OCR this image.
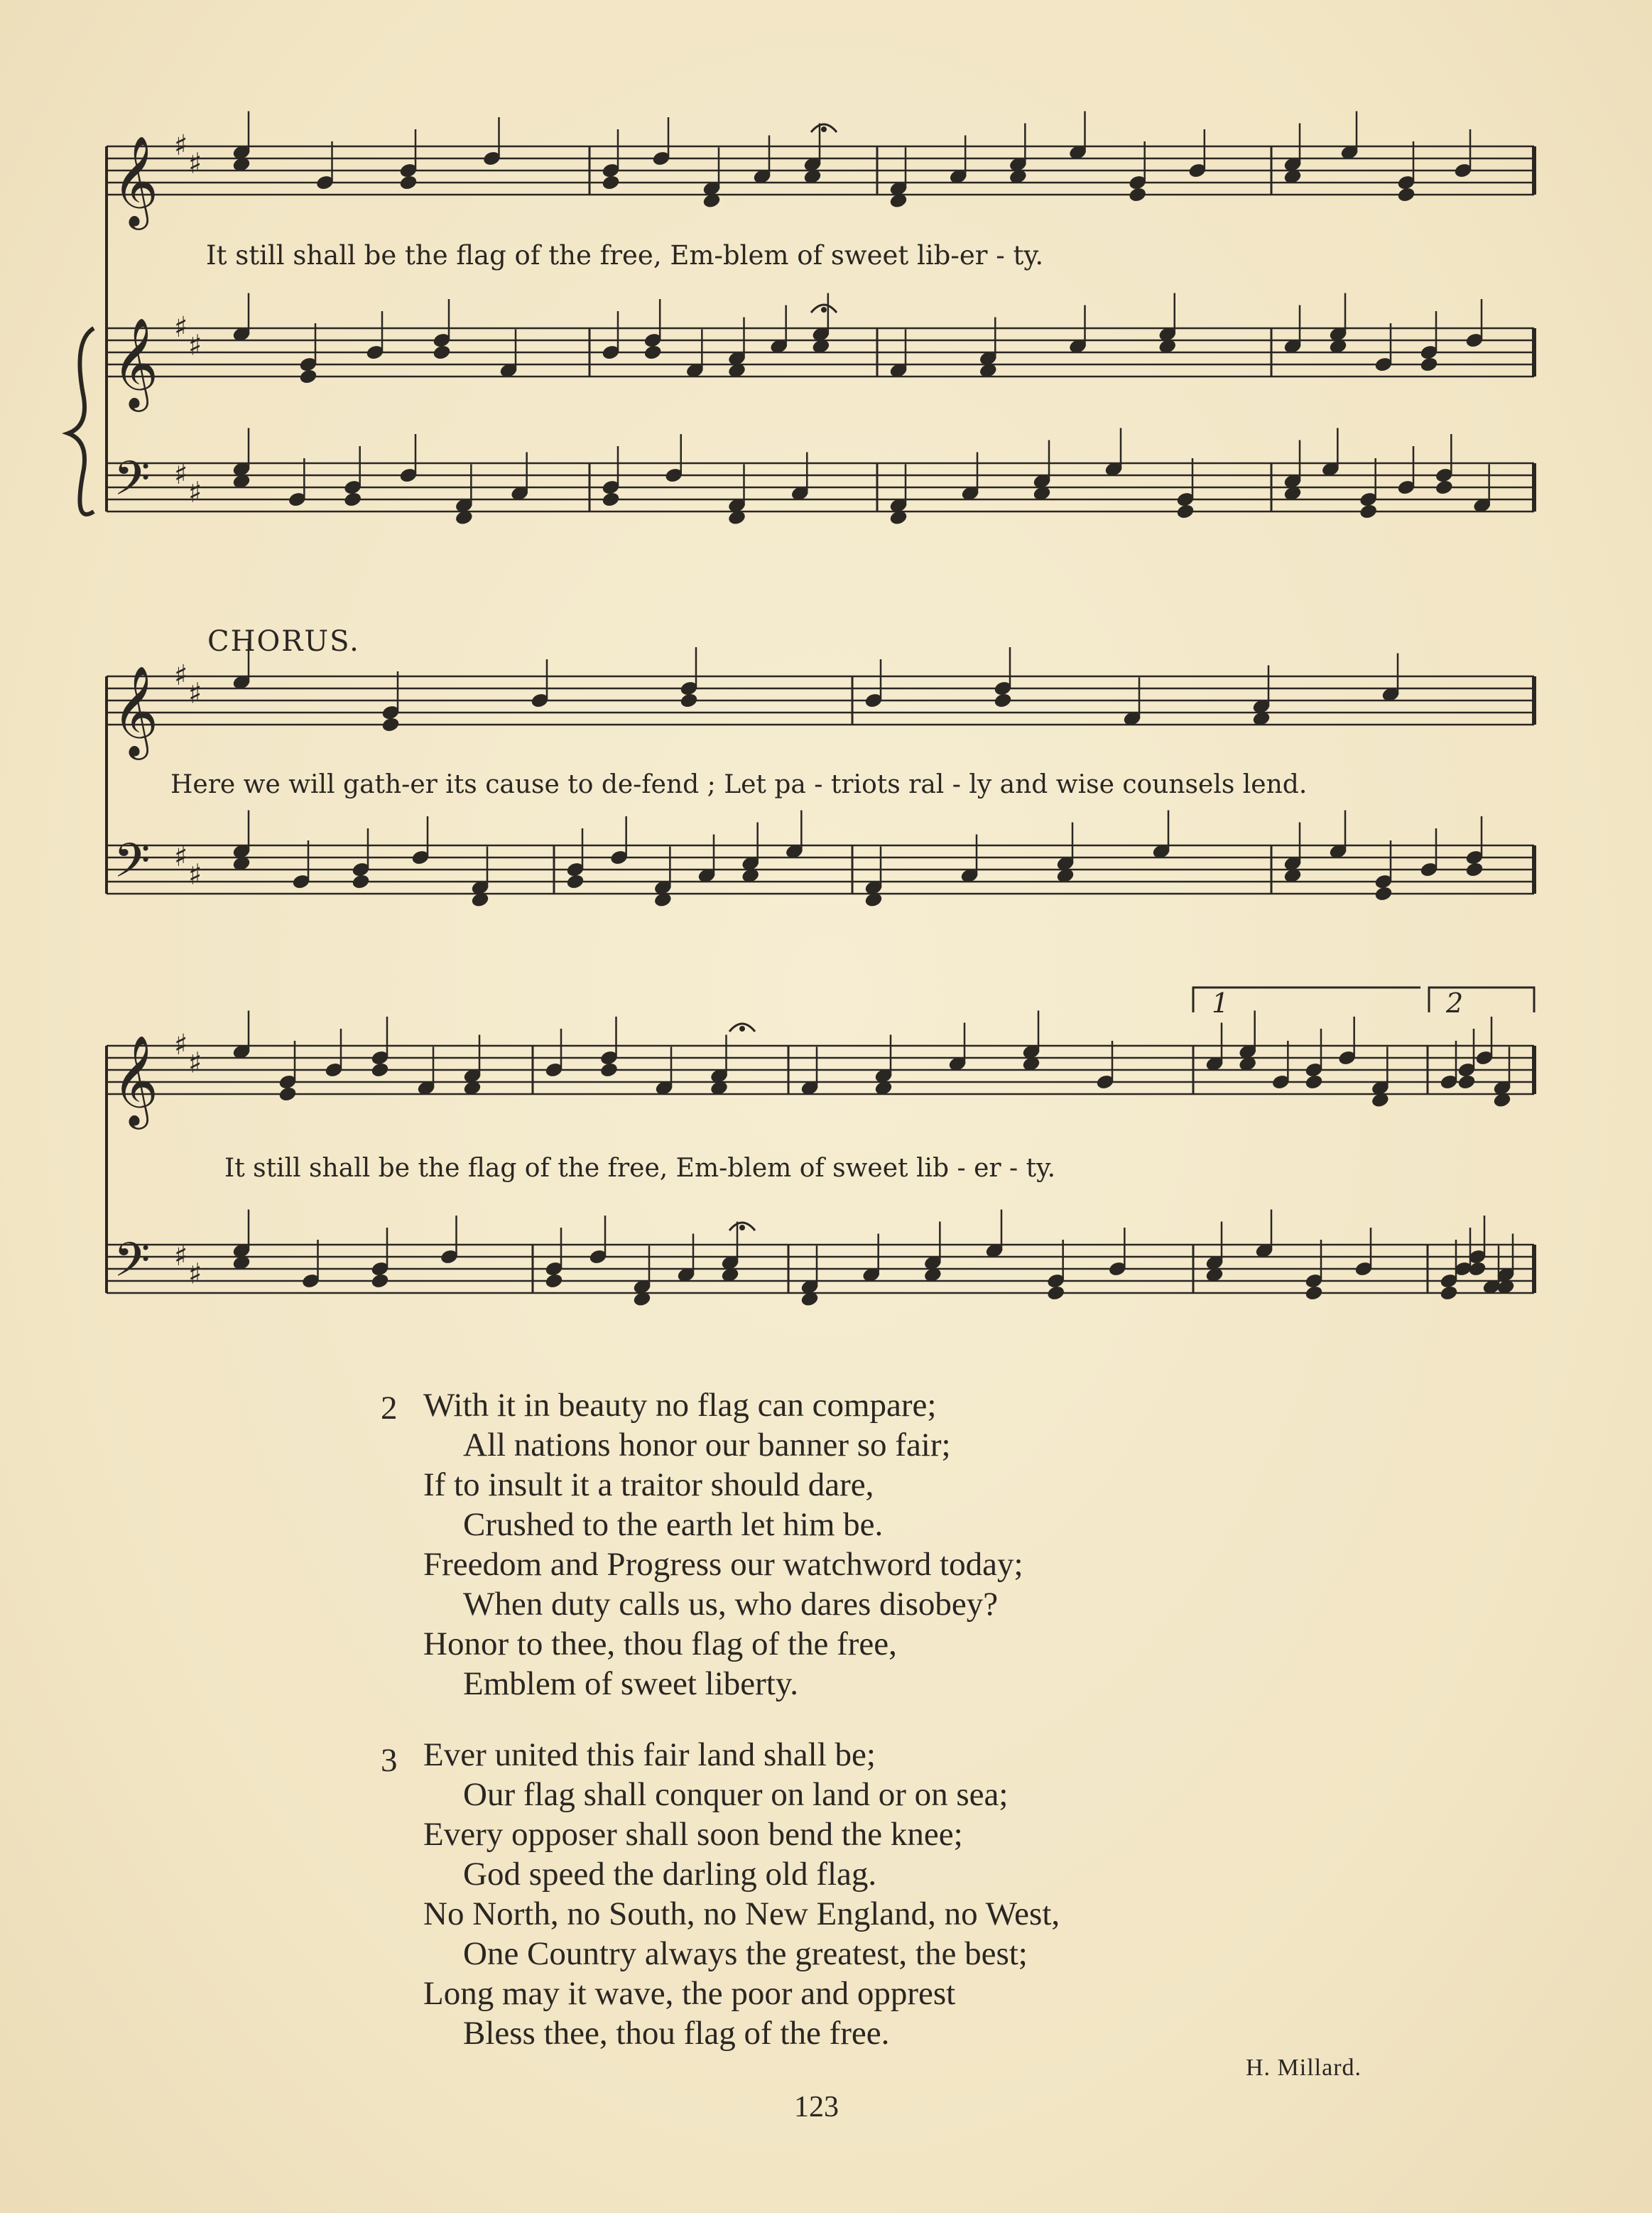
𝄞 ♯
♯
𝄞 ♯
♯
𝄢 ♯
♯
𝄞 ♯
♯
𝄢 ♯
♯
𝄞 ♯
♯
𝄢 ♯
♯
It still shall be the flag of the free, Em-blem of sweet lib-er - ty.
CHORUS.
Here we will gath-er its cause to de-fend ; Let pa - triots ral - ly and wise counsels lend.
It still shall be the flag of the free, Em-blem of sweet lib - er - ty.
1	2
2 With it in beauty no flag can compare;
All nations honor our banner so fair;
If to insult it a traitor should dare,
Crushed to the earth let him be.
Freedom and Progress our watchword today;
When duty calls us, who dares disobey?
Honor to thee, thou flag of the free,
Emblem of sweet liberty.
3 Ever united this fair land shall be;
Our flag shall conquer on land or on sea;
Every opposer shall soon bend the knee;
God speed the darling old flag.
No North, no South, no New England, no West,
One Country always the greatest, the best;
Long may it wave, the poor and opprest
Bless thee, thou flag of the free.
H. Millard.
123
